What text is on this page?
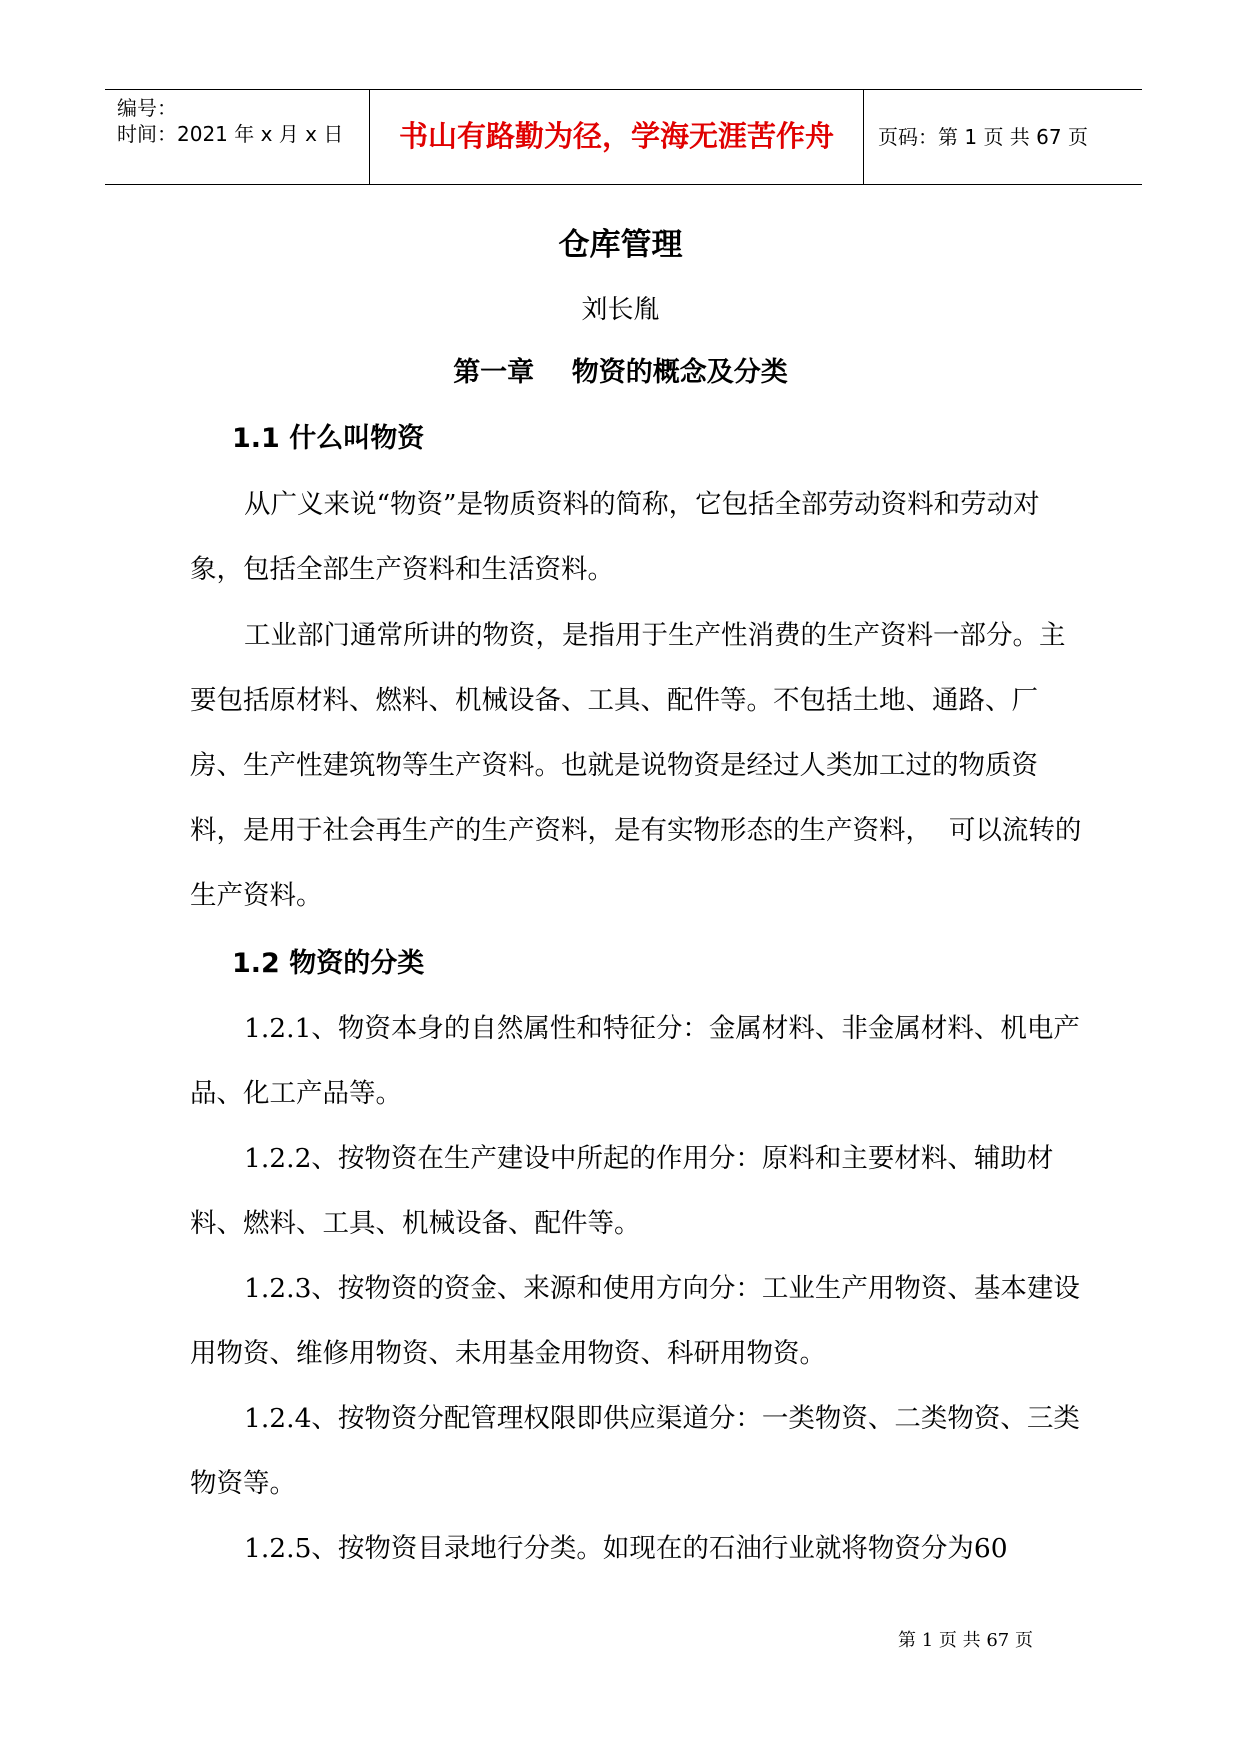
编号：
时间：2021 年 x 月 x 日	书山有路勤为径，学海无涯苦作舟	页码：第 1 页 共 67 页
仓库管理
刘长胤
第一章    物资的概念及分类
1.1 什么叫物资
从广义来说“物资”是物质资料的简称，它包括全部劳动资料和劳动对象，包括全部生产资料和生活资料。
工业部门通常所讲的物资，是指用于生产性消费的生产资料一部分。主要包括原材料、燃料、机械设备、工具、配件等。不包括土地、通路、厂房、生产性建筑物等生产资料。也就是说物资是经过人类加工过的物质资料，是用于社会再生产的生产资料，是有实物形态的生产资料，  可以流转的生产资料。
1.2 物资的分类
1.2.1、物资本身的自然属性和特征分：金属材料、非金属材料、机电产品、化工产品等。
1.2.2、按物资在生产建设中所起的作用分：原料和主要材料、辅助材料、燃料、工具、机械设备、配件等。
1.2.3、按物资的资金、来源和使用方向分：工业生产用物资、基本建设用物资、维修用物资、未用基金用物资、科研用物资。
1.2.4、按物资分配管理权限即供应渠道分：一类物资、二类物资、三类物资等。
1.2.5、按物资目录地行分类。如现在的石油行业就将物资分为60
第 1 页 共 67 页
